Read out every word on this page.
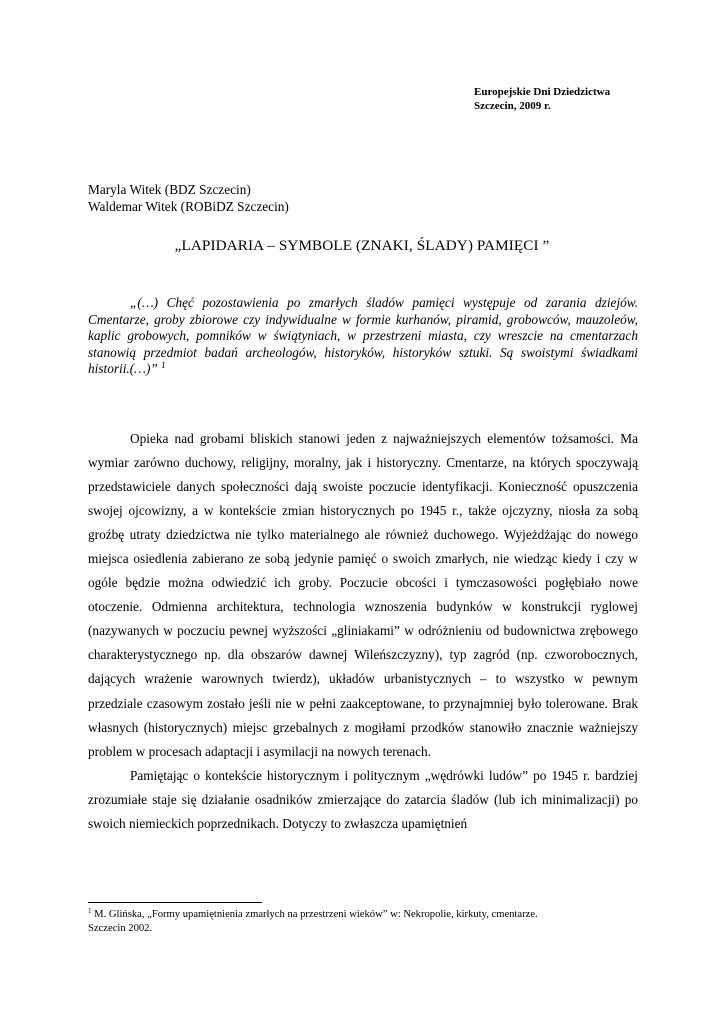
Europejskie Dni Dziedzictwa
Szczecin, 2009 r.
Maryla Witek (BDZ Szczecin)
Waldemar Witek (ROBiDZ Szczecin)
„LAPIDARIA – SYMBOLE (ZNAKI, ŚLADY) PAMIĘCI ”
„(…) Chęć pozostawienia po zmarłych śladów pamięci występuje od zarania dziejów. Cmentarze, groby zbiorowe czy indywidualne w formie kurhanów, piramid, grobowców, mauzoleów, kaplic grobowych, pomników w świątyniach, w przestrzeni miasta, czy wreszcie na cmentarzach stanowią przedmiot badań archeologów, historyków, historyków sztuki. Są swoistymi świadkami historii.(…)” $^1$

Opieka nad grobami bliskich stanowi jeden z najważniejszych elementów tożsamości. Ma wymiar zarówno duchowy, religijny, moralny, jak i historyczny. Cmentarze, na których spoczywają przedstawiciele danych społeczności dają swoiste poczucie identyfikacji. Konieczność opuszczenia swojej ojcowizny, a w kontekście zmian historycznych po 1945 r., także ojczyzny, niosła za sobą groźbę utraty dziedzictwa nie tylko materialnego ale również duchowego. Wyjeżdżając do nowego miejsca osiedlenia zabierano ze sobą jedynie pamięć o swoich zmarłych, nie wiedząc kiedy i czy w ogóle będzie można odwiedzić ich groby. Poczucie obcości i tymczasowości pogłębiało nowe otoczenie. Odmienna architektura, technologia wznoszenia budynków w konstrukcji ryglowej (nazywanych w poczuciu pewnej wyższości „gliniakami” w odróżnieniu od budownictwa zrębowego charakterystycznego np. dla obszarów dawnej Wileńszczyzny), typ zagród (np. czworobocznych, dających wrażenie warownych twierdz), układów urbanistycznych – to wszystko w pewnym przedziale czasowym zostało jeśli nie w pełni zaakceptowane, to przynajmniej było tolerowane. Brak własnych (historycznych) miejsc grzebalnych z mogiłami przodków stanowiło znacznie ważniejszy problem w procesach adaptacji i asymilacji na nowych terenach.

Pamiętając o kontekście historycznym i politycznym „wędrówki ludów” po 1945 r. bardziej zrozumiałe staje się działanie osadników zmierzające do zatarcia śladów (lub ich minimalizacji) po swoich niemieckich poprzednikach. Dotyczy to zwłaszcza upamiętnień

$^1$ M. Glińska, „Formy upamiętnienia zmarłych na przestrzeni wieków” w: Nekropolie, kirkuty, cmentarze.
Szczecin 2002.
